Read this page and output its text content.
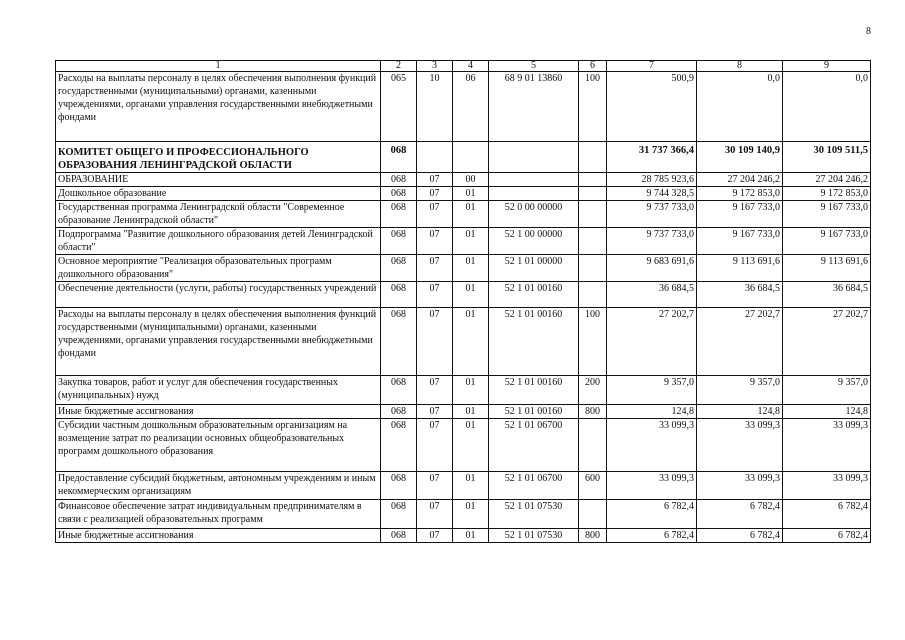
8
1	2	3	4	5	6	7	8	9
Расходы на выплаты персоналу в целях обеспечения выполнения функций государственными (муниципальными) органами, казенными учреждениями, органами управления государственными внебюджетными фондами	065	10	06	68 9 01 13860	100	500,9	0,0	0,0
КОМИТЕТ ОБЩЕГО И ПРОФЕССИОНАЛЬНОГО ОБРАЗОВАНИЯ ЛЕНИНГРАДСКОЙ ОБЛАСТИ	068					31 737 366,4	30 109 140,9	30 109 511,5
ОБРАЗОВАНИЕ	068	07	00			28 785 923,6	27 204 246,2	27 204 246,2
Дошкольное образование	068	07	01			9 744 328,5	9 172 853,0	9 172 853,0
Государственная программа Ленинградской области "Современное образование Ленинградской области"	068	07	01	52 0 00 00000		9 737 733,0	9 167 733,0	9 167 733,0
Подпрограмма "Развитие дошкольного образования детей Ленинградской области"	068	07	01	52 1 00 00000		9 737 733,0	9 167 733,0	9 167 733,0
Основное мероприятие "Реализация образовательных программ дошкольного образования"	068	07	01	52 1 01 00000		9 683 691,6	9 113 691,6	9 113 691,6
Обеспечение деятельности (услуги, работы) государственных учреждений	068	07	01	52 1 01 00160		36 684,5	36 684,5	36 684,5
Расходы на выплаты персоналу в целях обеспечения выполнения функций государственными (муниципальными) органами, казенными учреждениями, органами управления государственными внебюджетными фондами	068	07	01	52 1 01 00160	100	27 202,7	27 202,7	27 202,7
Закупка товаров, работ и услуг для обеспечения государственных (муниципальных) нужд	068	07	01	52 1 01 00160	200	9 357,0	9 357,0	9 357,0
Иные бюджетные ассигнования	068	07	01	52 1 01 00160	800	124,8	124,8	124,8
Субсидии частным дошкольным образовательным организациям на возмещение затрат по реализации основных общеобразовательных программ дошкольного образования	068	07	01	52 1 01 06700		33 099,3	33 099,3	33 099,3
Предоставление субсидий бюджетным, автономным учреждениям и иным некоммерческим организациям	068	07	01	52 1 01 06700	600	33 099,3	33 099,3	33 099,3
Финансовое обеспечение затрат индивидуальным предпринимателям в связи с реализацией образовательных программ	068	07	01	52 1 01 07530		6 782,4	6 782,4	6 782,4
Иные бюджетные ассигнования	068	07	01	52 1 01 07530	800	6 782,4	6 782,4	6 782,4
